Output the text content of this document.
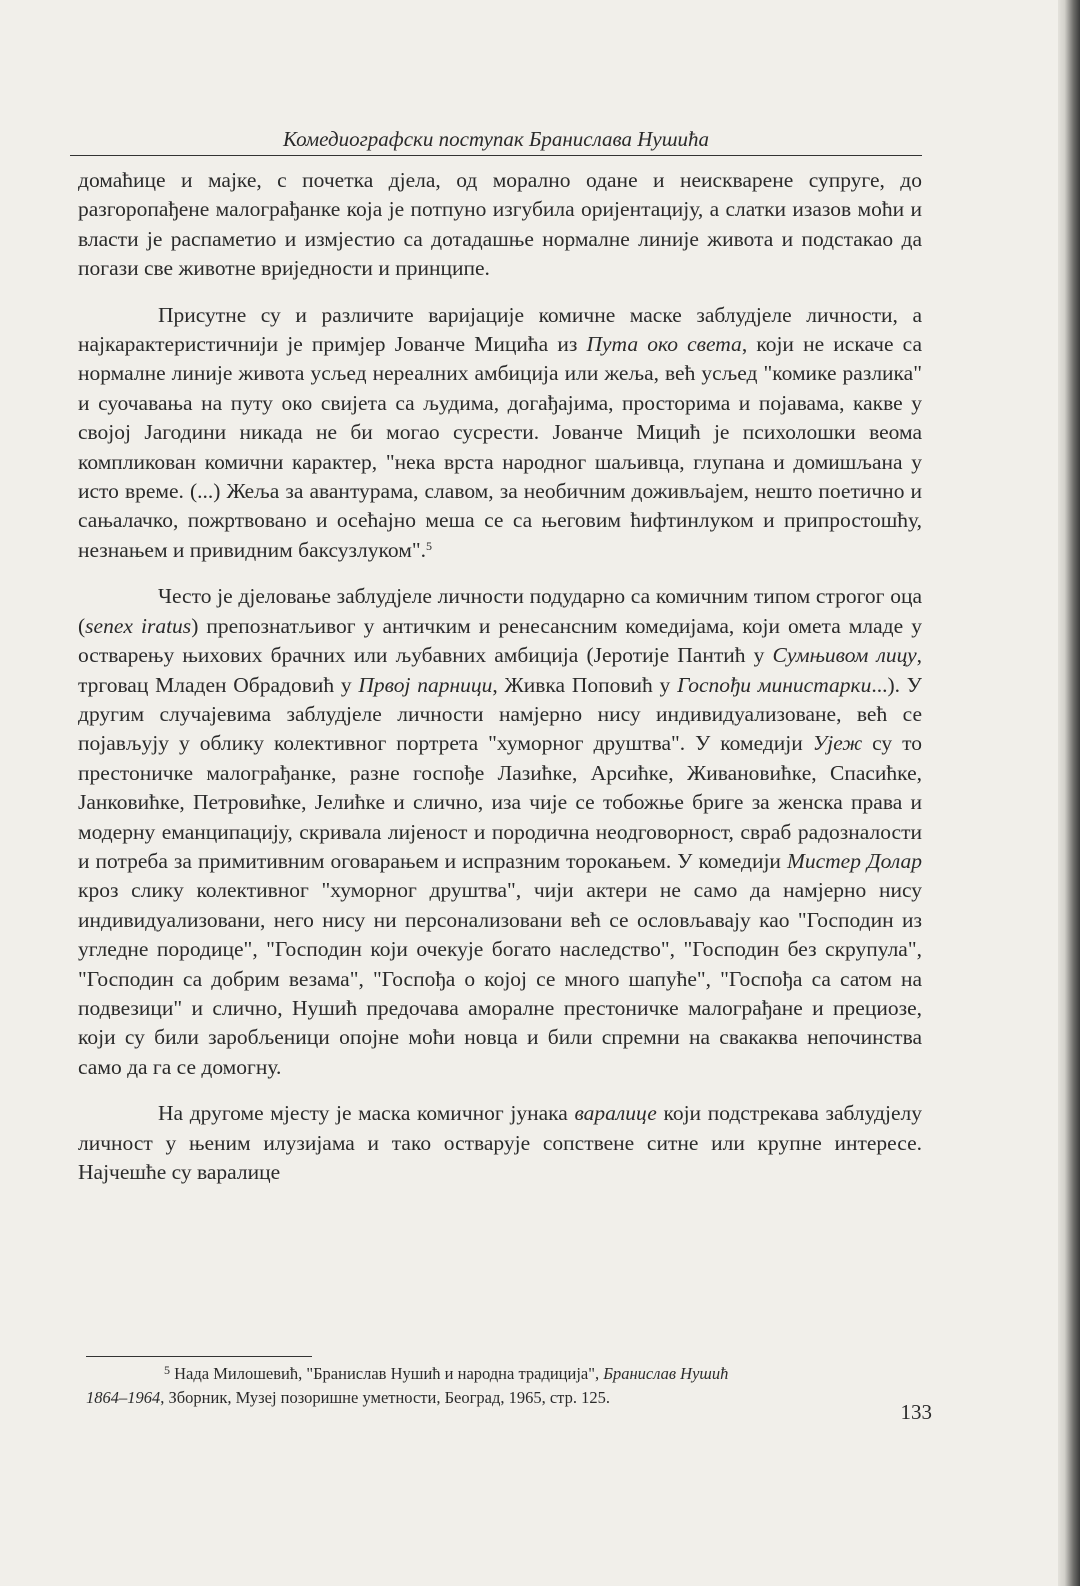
Комедиографски поступак Бранислава Нушића

домаћице и мајке, с почетка дјела, од морално одане и неискварене супруге, до разгоропађене малограђанке која је потпуно изгубила оријентацију, а слатки изазов моћи и власти је распаметио и измјестио са дотадашње нормалне линије живота и подстакао да погази све животне вриједности и принципе.

Присутне су и различите варијације комичне маске заблудјеле личности, а најкарактеристичнији је примјер Јованче Мицића из Пута око света, који не искаче са нормалне линије живота усљед нереалних амбиција или жеља, већ усљед "комике разлика" и суочавања на путу око свијета са људима, догађајима, просторима и појавама, какве у својој Јагодини никада не би могао сусрести. Јованче Мицић је психолошки веома компликован комични карактер, "нека врста народног шаљивца, глупана и домишљана у исто време. (...) Жеља за авантурама, славом, за необичним доживљајем, нешто поетично и сањалачко, пожртвовано и осећајно меша се са његовим ћифтинлуком и припростошћу, незнањем и привидним баксузлуком".$^5$

Често је дјеловање заблудјеле личности подударно са комичним типом строгог оца (senex iratus) препознатљивог у античким и ренесансним комедијама, који омета младе у остварењу њихових брачних или љубавних амбиција (Јеротије Пантић у Сумњивом лицу, трговац Младен Обрадовић у Првој парници, Живка Поповић у Госпођи министарки...). У другим случајевима заблудјеле личности намјерно нису индивидуализоване, већ се појављују у облику колективног портрета "хуморног друштва". У комедији Ујеж су то престоничке малограђанке, разне госпође Лазићке, Арсићке, Живановићке, Спасићке, Јанковићке, Петровићке, Јелићке и слично, иза чије се тобожње бриге за женска права и модерну еманципацију, скривала лијеност и породична неодговорност, свраб радозналости и потреба за примитивним оговарањем и испразним торокањем. У комедији Мистер Долар кроз слику колективног "хуморног друштва", чији актери не само да намјерно нису индивидуализовани, него нису ни персонализовани већ се ословљавају као "Господин из угледне породице", "Господин који очекује богато наследство", "Господин без скрупула", "Господин са добрим везама", "Госпођа о којој се много шапуће", "Госпођа са сатом на подвезици" и слично, Нушић предочава аморалне престоничке малограђане и прециозе, који су били заробљеници опојне моћи новца и били спремни на свакаква непочинства само да га се домогну.

На другоме мјесту је маска комичног јунака варалице који подстрекава заблудјелу личност у њеним илузијама и тако остварује сопствене ситне или крупне интересе. Најчешће су варалице

$^5$ Нада Милошевић, "Бранислав Нушић и народна традиција", Бранислав Нушић 1864–1964, Зборник, Музеј позоришне уметности, Београд, 1965, стр. 125.
133
